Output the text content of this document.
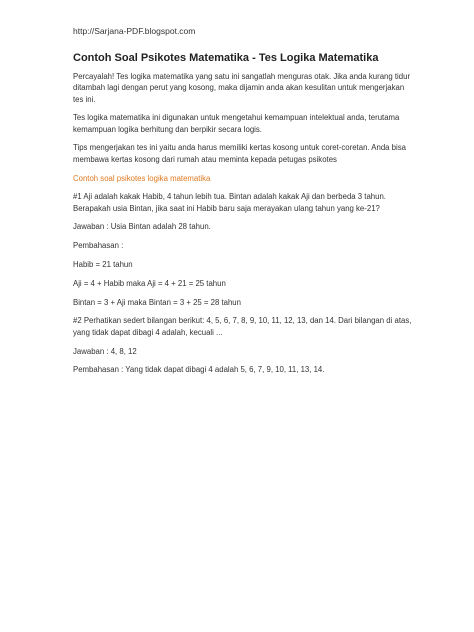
http://Sarjana-PDF.blogspot.com
Contoh Soal Psikotes Matematika - Tes Logika Matematika

Percayalah! Tes logika matematika yang satu ini sangatlah menguras otak. Jika anda kurang tidur ditambah lagi dengan perut yang kosong, maka dijamin anda akan kesulitan untuk mengerjakan tes ini.

Tes logika matematika ini digunakan untuk mengetahui kemampuan intelektual anda, terutama kemampuan logika berhitung dan berpikir secara logis.

Tips mengerjakan tes ini yaitu anda harus memiliki kertas kosong untuk coret-coretan. Anda bisa membawa kertas kosong dari rumah atau meminta kepada petugas psikotes

Contoh soal psikotes logika matematika

#1 Aji adalah kakak Habib, 4 tahun lebih tua. Bintan adalah kakak Aji dan berbeda 3 tahun. Berapakah usia Bintan, jika saat ini Habib baru saja merayakan ulang tahun yang ke-21?

Jawaban : Usia Bintan adalah 28 tahun.

Pembahasan :

Habib = 21 tahun

Aji = 4 + Habib maka Aji = 4 + 21 = 25 tahun

Bintan = 3 + Aji maka Bintan = 3 + 25 = 28 tahun

#2 Perhatikan sedert bilangan berikut: 4, 5, 6, 7, 8, 9, 10, 11, 12, 13, dan 14. Dari bilangan di atas, yang tidak dapat dibagi 4 adalah, kecuali ...

Jawaban : 4, 8, 12

Pembahasan : Yang tidak dapat dibagi 4 adalah 5, 6, 7, 9, 10, 11, 13, 14.
